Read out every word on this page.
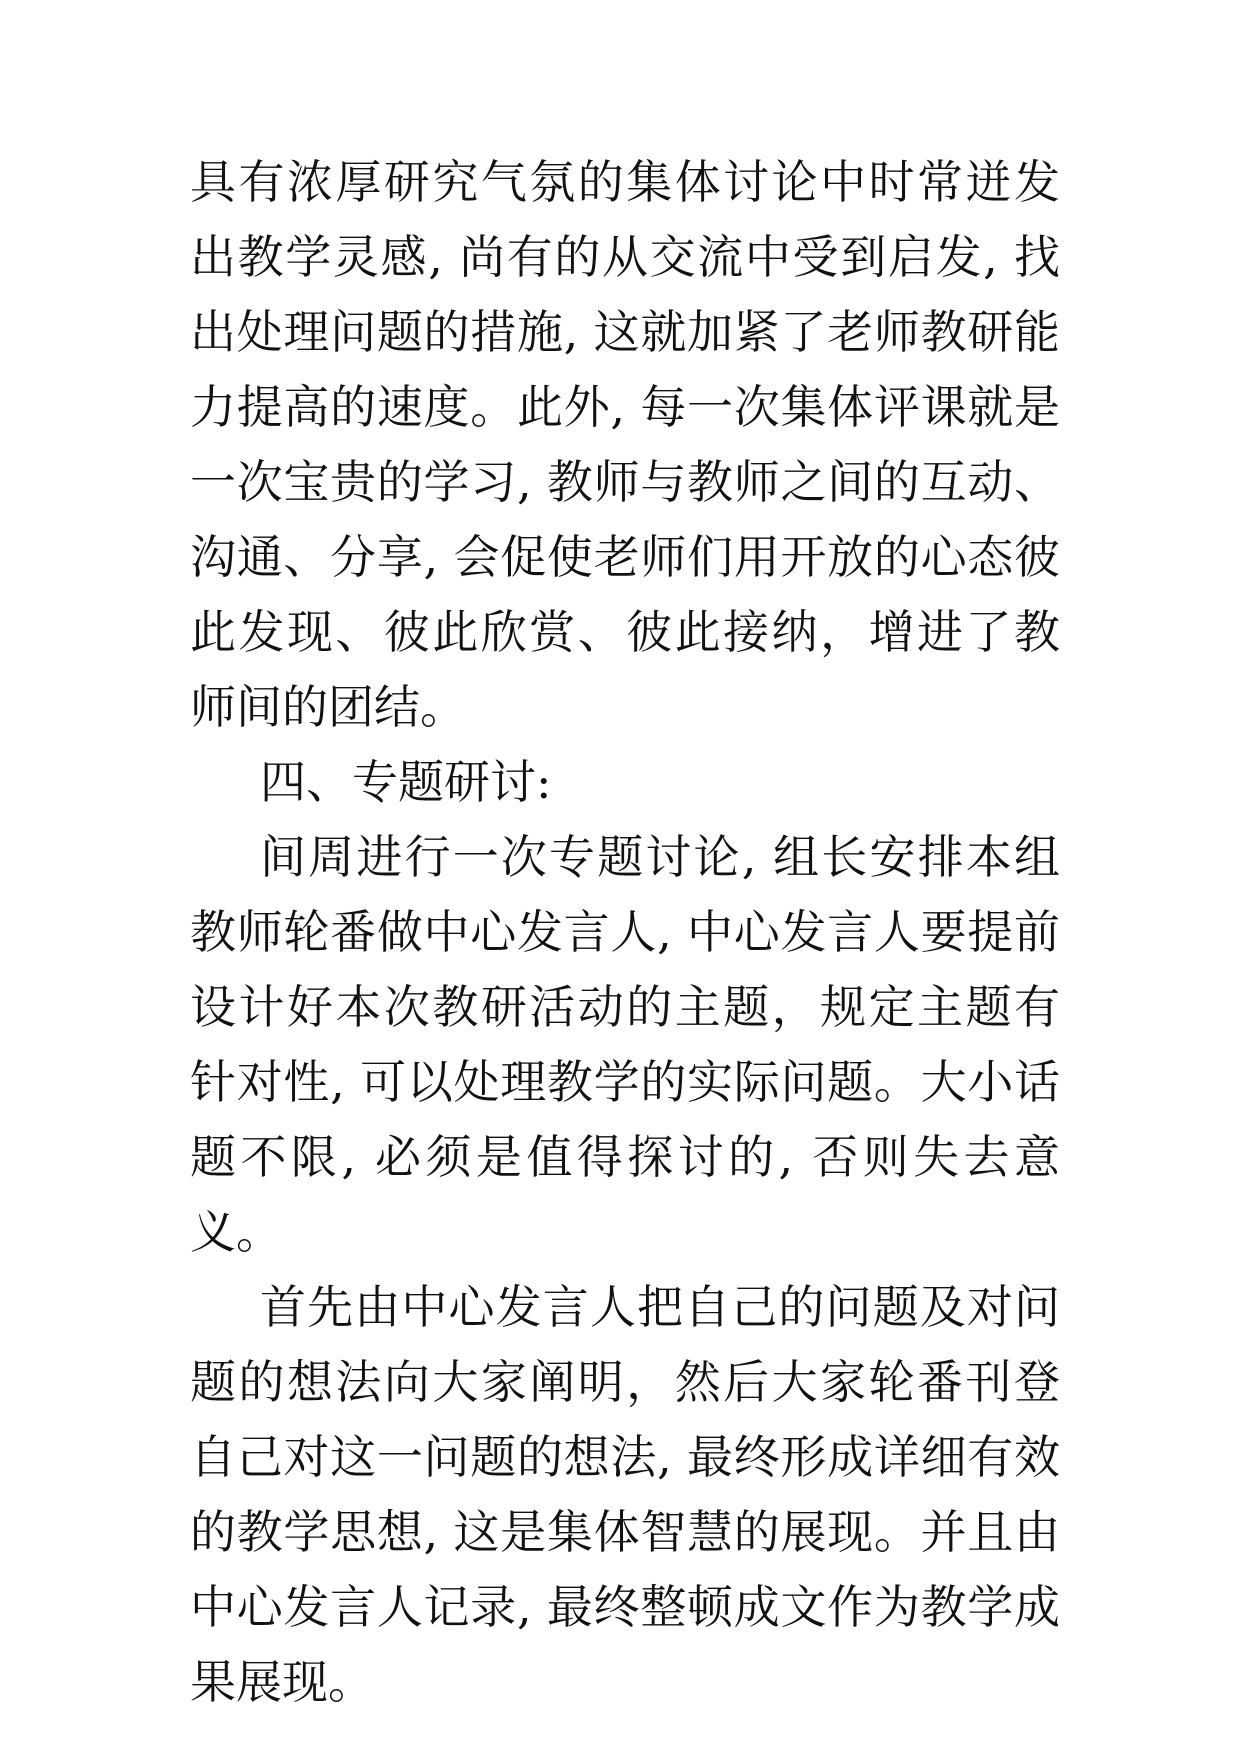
具有浓厚研究气氛的集体讨论中时常迸发出教学灵感, 尚有的从交流中受到启发, 找出处理问题的措施, 这就加紧了老师教研能力提高的速度。此外, 每一次集体评课就是一次宝贵的学习, 教师与教师之间的互动、沟通、分享, 会促使老师们用开放的心态彼此发现、彼此欣赏、彼此接纳，增进了教师间的团结。

四、专题研讨:

间周进行一次专题讨论, 组长安排本组教师轮番做中心发言人, 中心发言人要提前设计好本次教研活动的主题，规定主题有针对性, 可以处理教学的实际问题。大小话题不限, 必须是值得探讨的, 否则失去意义。

首先由中心发言人把自己的问题及对问题的想法向大家阐明，然后大家轮番刊登自己对这一问题的想法, 最终形成详细有效的教学思想, 这是集体智慧的展现。并且由中心发言人记录, 最终整顿成文作为教学成果展现。
